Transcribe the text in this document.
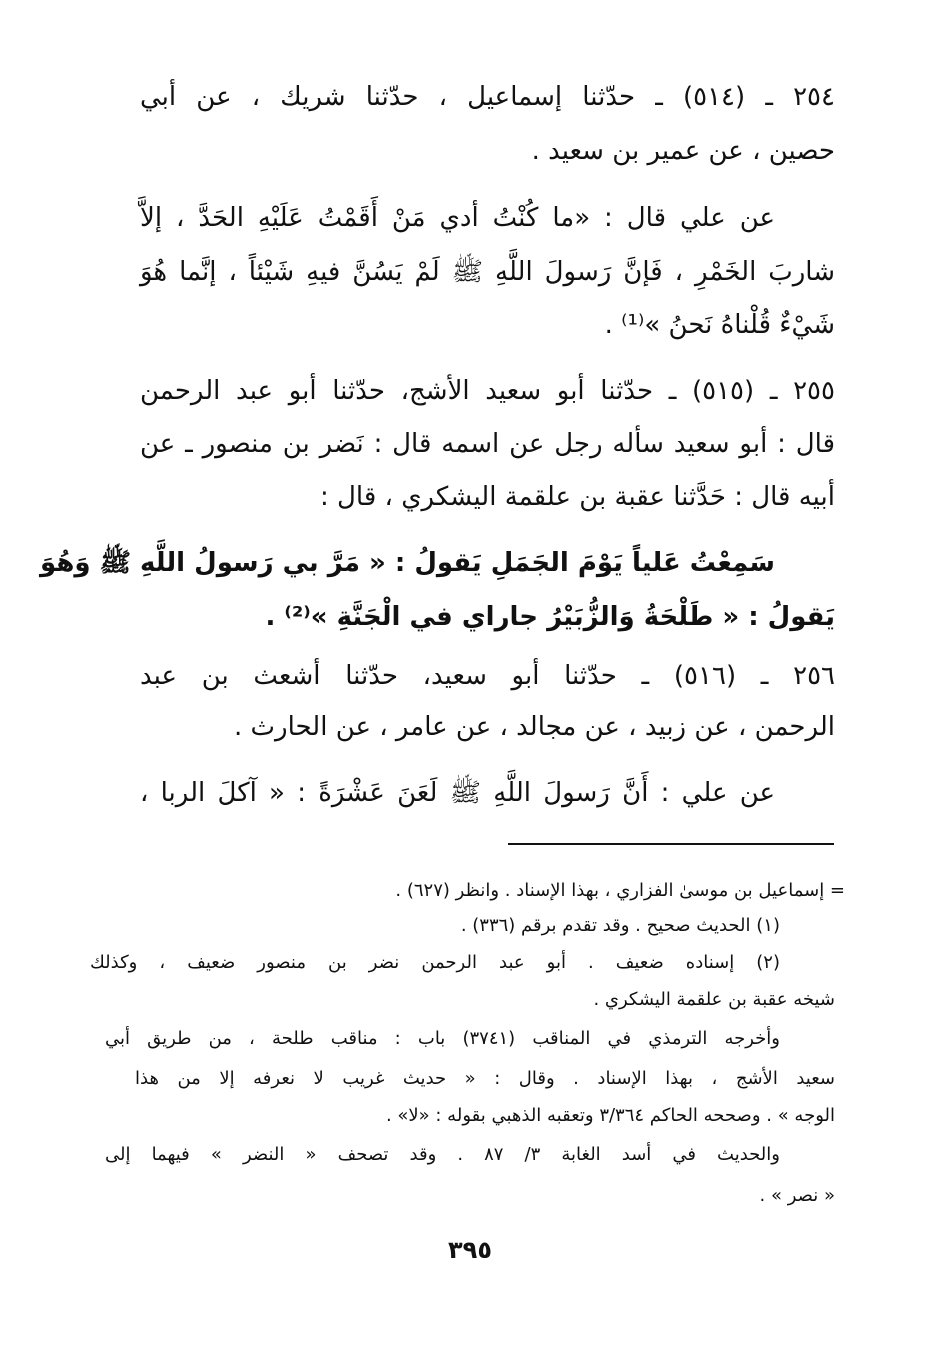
٢٥٤ ـ (٥١٤) ـ حدّثنا إسماعيل ، حدّثنا شريك ، عن أبي
حصين ، عن عمير بن سعيد .
عن علي قال : «ما كُنْتُ أدي مَنْ أَقَمْتُ عَلَيْهِ الحَدَّ ، إلاَّ
شاربَ الخَمْرِ ، فَإنَّ رَسولَ اللَّهِ ﷺ لَمْ يَسُنَّ فيهِ شَيْئاً ، إنَّما هُوَ
شَيْءٌ قُلْناهُ نَحنُ »⁽¹⁾ .
٢٥٥ ـ (٥١٥) ـ حدّثنا أبو سعيد الأشج، حدّثنا أبو عبد الرحمن
قال : أبو سعيد سأله رجل عن اسمه قال : نَضر بن منصور ـ عن
أبيه قال : حَدَّثنا عقبة بن علقمة اليشكري ، قال :
سَمِعْتُ عَلياً يَوْمَ الجَمَلِ يَقولُ : « مَرَّ بي رَسولُ اللَّهِ ﷺ وَهُوَ
يَقولُ : « طَلْحَةُ وَالزُّبَيْرُ جاراي في الْجَنَّةِ »⁽²⁾ .
٢٥٦ ـ (٥١٦) ـ حدّثنا أبو سعيد، حدّثنا أشعث بن عبد
الرحمن ، عن زبيد ، عن مجالد ، عن عامر ، عن الحارث .
عن علي : أَنَّ رَسولَ اللَّهِ ﷺ لَعَنَ عَشْرَةً : « آكلَ الربا ،
= إسماعيل بن موسىٰ الفزاري ، بهذا الإسناد . وانظر (٦٢٧) .
(١) الحديث صحيح . وقد تقدم برقم (٣٣٦) .
(٢) إسناده ضعيف . أبو عبد الرحمن نضر بن منصور ضعيف ، وكذلك
شيخه عقبة بن علقمة اليشكري .
وأخرجه الترمذي في المناقب (٣٧٤١) باب : مناقب طلحة ، من طريق أبي
سعيد الأشج ، بهذا الإسناد . وقال : « حديث غريب لا نعرفه إلا من هذا
الوجه » . وصححه الحاكم ٣/٣٦٤ وتعقبه الذهبي بقوله : «لا» .
والحديث في أسد الغابة ٣/ ٨٧ . وقد تصحف « النضر » فيهما إلى
« نصر » .
٣٩٥
